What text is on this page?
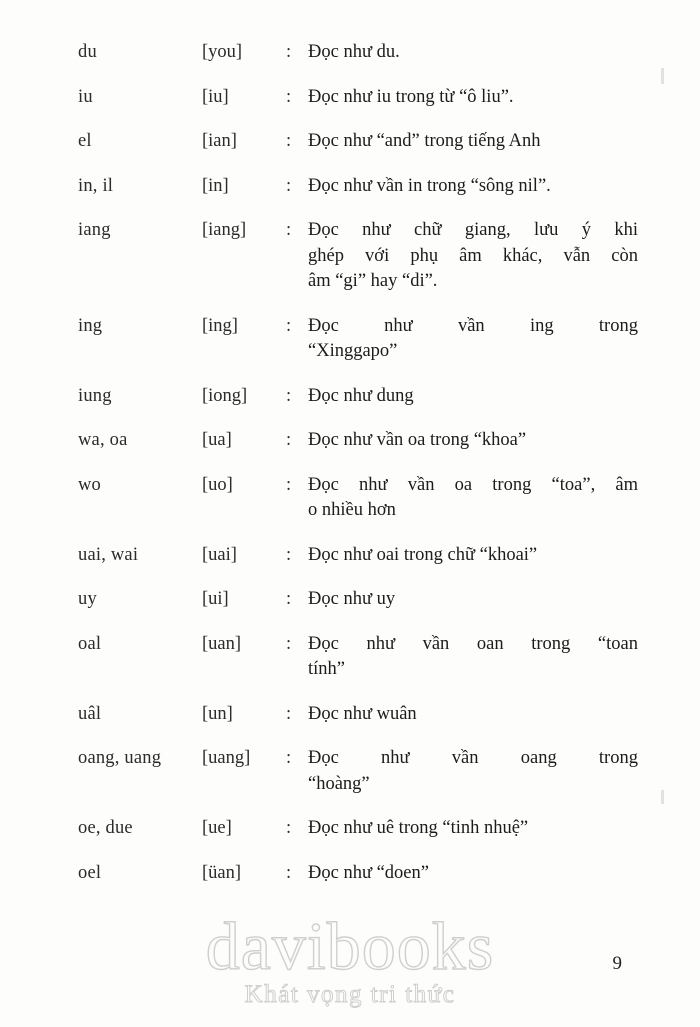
du	[you]	: Đọc như du.
iu	[iu]	: Đọc như iu trong từ “ô liu”.
el	[ian]	: Đọc như “and” trong tiếng Anh
in, il	[in]	: Đọc như vần in trong “sông nil”.
iang	[iang]	: Đọc như chữ giang, lưu ý khi
ghép với phụ âm khác, vẫn còn
âm “gi” hay “di”.
ing	[ing]	: Đọc như vần ing trong
“Xinggapo”
iung	[iong]	: Đọc như dung
wa, oa	[ua]	: Đọc như vần oa trong “khoa”
wo	[uo]	: Đọc như vần oa trong “toa”, âm
o nhiều hơn
uai, wai	[uai]	: Đọc như oai trong chữ “khoai”
uy	[ui]	: Đọc như uy
oal	[uan]	: Đọc như vần oan trong “toan
tính”
uâl	[un]	: Đọc như wuân
oang, uang	[uang]	: Đọc như vần oang trong
“hoàng”
oe, due	[ue]	: Đọc như uê trong “tinh nhuệ”
oel	[üan]	: Đọc như “doen”
9
davibooks
Khát vọng tri thức
